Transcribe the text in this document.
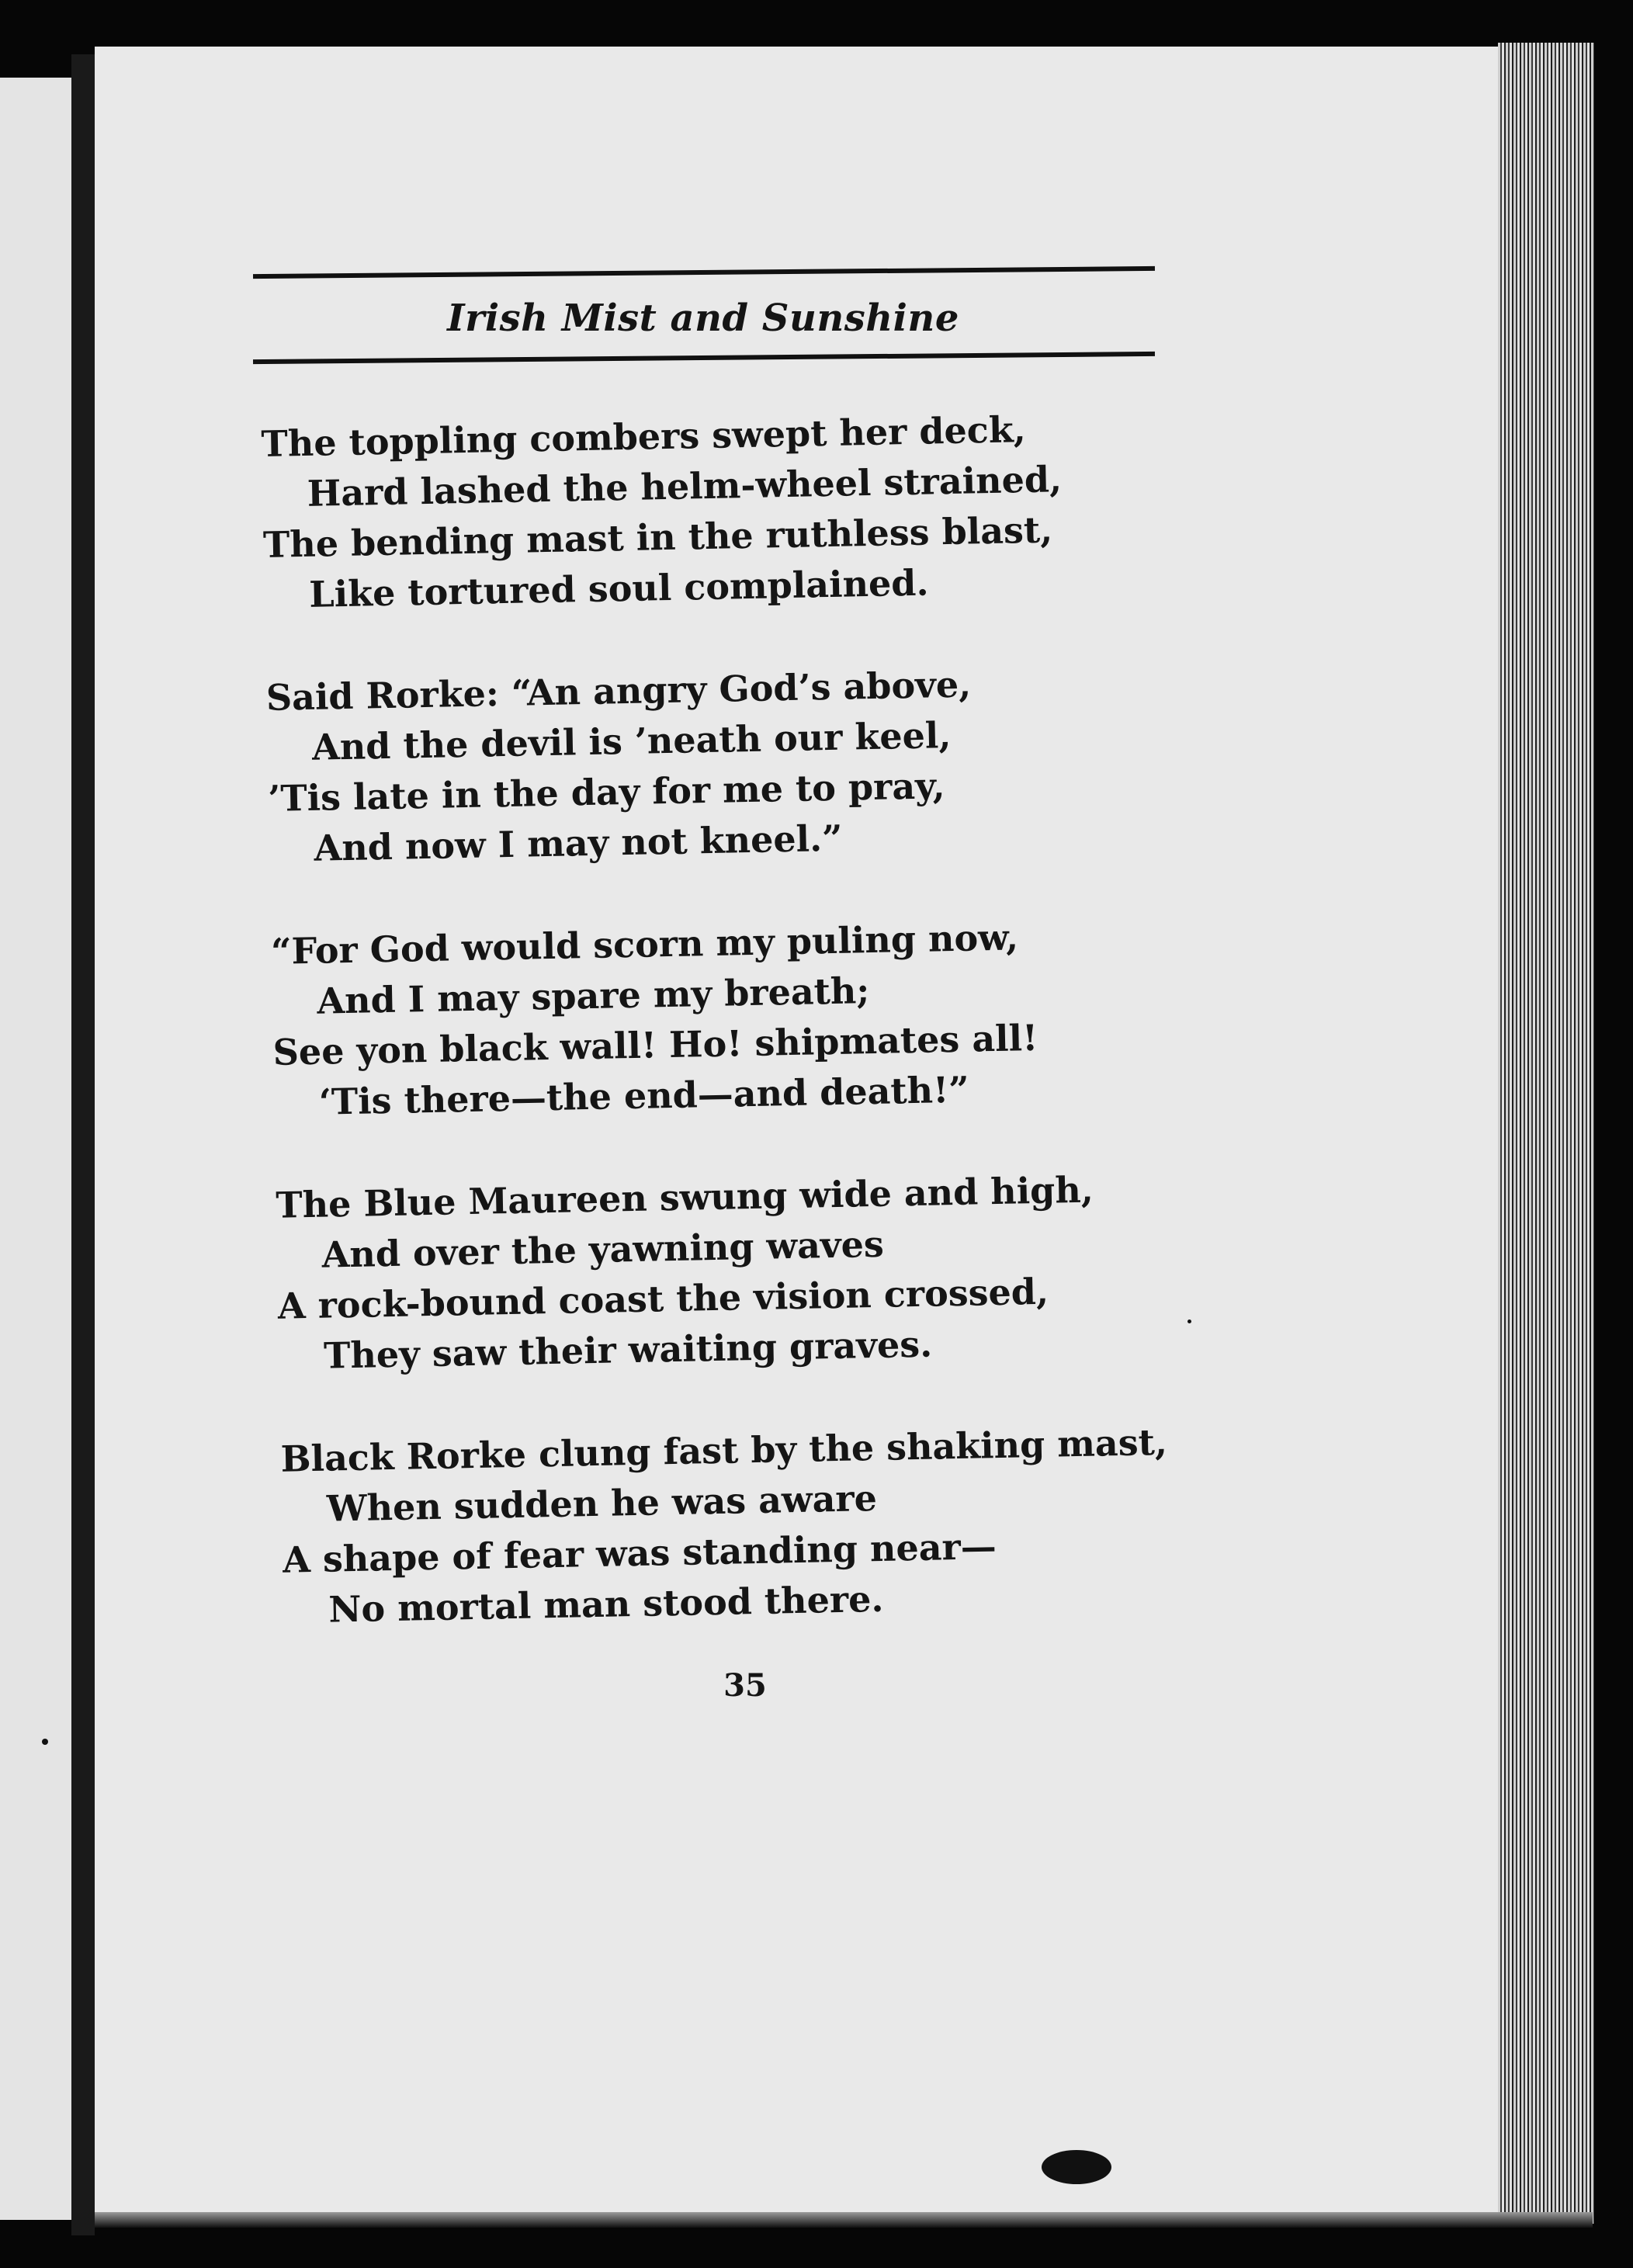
Irish Mist and Sunshine
The toppling combers swept her deck,
Hard lashed the helm-wheel strained,
The bending mast in the ruthless blast,
Like tortured soul complained.
Said Rorke: “An angry God’s above,
And the devil is ’neath our keel,
’Tis late in the day for me to pray,
And now I may not kneel.”
“For God would scorn my puling now,
And I may spare my breath;
See yon black wall! Ho! shipmates all!
‘Tis there—the end—and death!”
The Blue Maureen swung wide and high,
And over the yawning waves
A rock-bound coast the vision crossed,
They saw their waiting graves.
Black Rorke clung fast by the shaking mast,
When sudden he was aware
A shape of fear was standing near—
No mortal man stood there.
35
